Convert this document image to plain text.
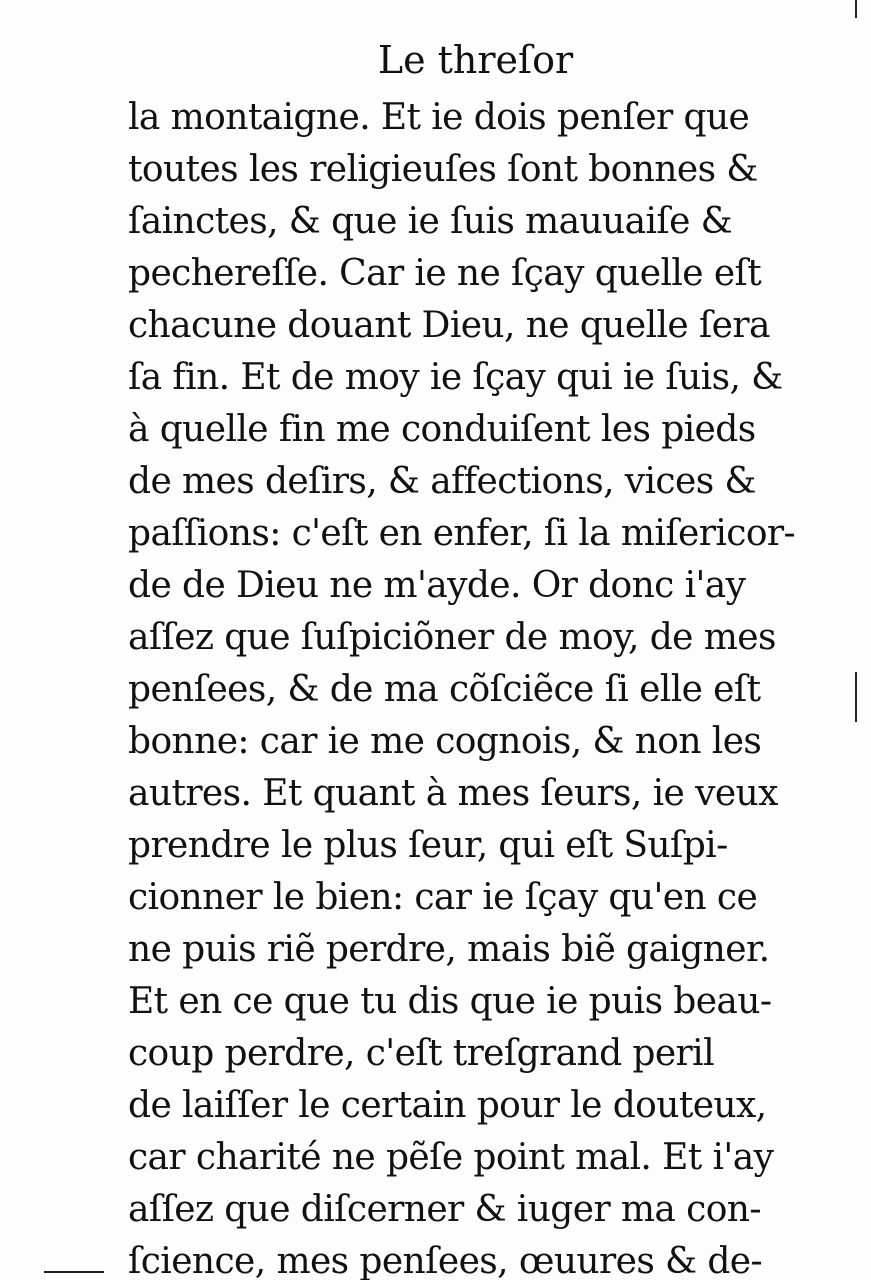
Le threſor
la montaigne. Et ie dois penſer que
toutes les religieuſes ſont bonnes &
ſainctes, & que ie ſuis mauuaiſe &
pechereſſe. Car ie ne ſçay quelle eſt
chacune douant Dieu, ne quelle ſera
ſa fin. Et de moy ie ſçay qui ie ſuis, &
à quelle fin me conduiſent les pieds
de mes deſirs, & affections, vices &
paſſions: c'eſt en enfer, ſi la miſericor-
de de Dieu ne m'ayde. Or donc i'ay
aſſez que ſuſpiciõner de moy, de mes
penſees, & de ma cõſciẽce ſi elle eſt
bonne: car ie me cognois, & non les
autres. Et quant à mes ſeurs, ie veux
prendre le plus ſeur, qui eſt Suſpi-
cionner le bien: car ie ſçay qu'en ce
ne puis riẽ perdre, mais biẽ gaigner.
Et en ce que tu dis que ie puis beau-
coup perdre, c'eſt treſgrand peril
de laiſſer le certain pour le douteux,
car charité ne pẽſe point mal. Et i'ay
aſſez que diſcerner & iuger ma con-
ſcience, mes penſees, œuures & de-
